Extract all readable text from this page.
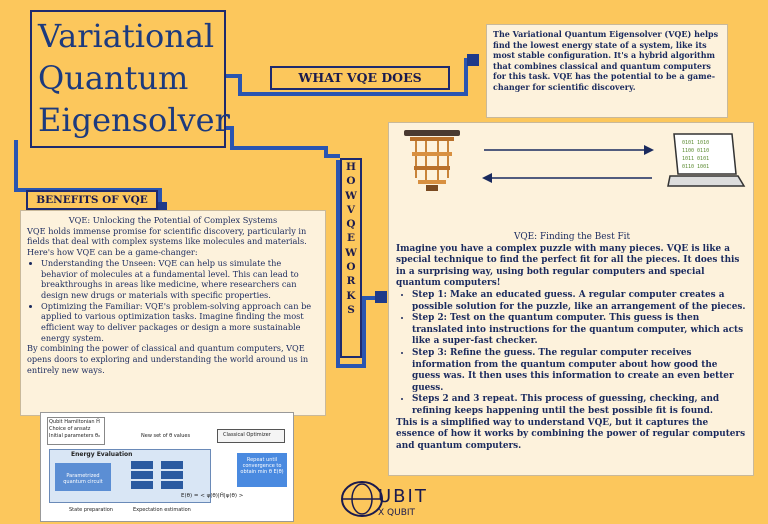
Variational
Quantum
Eigensolver
WHAT VQE DOES
The Variational Quantum Eigensolver (VQE) helps find the lowest energy state of a system, like its most stable configuration. It's a hybrid algorithm that combines classical and quantum computers for this task. VQE has the potential to be a game-changer for scientific discovery.
BENEFITS OF VQE
VQE: Unlocking the Potential of Complex Systems
VQE holds immense promise for scientific discovery, particularly in fields that deal with complex systems like molecules and materials. Here's how VQE can be a game-changer:
• Understanding the Unseen: VQE can help us simulate the behavior of molecules at a fundamental level. This can lead to breakthroughs in areas like medicine, where researchers can design new drugs or materials with specific properties.
• Optimizing the Familiar: VQE's problem-solving approach can be applied to various optimization tasks. Imagine finding the most efficient way to deliver packages or design a more sustainable energy system.
By combining the power of classical and quantum computers, VQE opens doors to exploring and understanding the world around us in entirely new ways.
H
O
W
V
Q
E
W
O
R
K
S
0101 1010
1100 0110
1011 0101
0110 1001
VQE: Finding the Best Fit
Imagine you have a complex puzzle with many pieces. VQE is like a special technique to find the perfect fit for all the pieces. It does this in a surprising way, using both regular computers and special quantum computers!
• Step 1: Make an educated guess. A regular computer creates a possible solution for the puzzle, like an arrangement of the pieces.
• Step 2: Test on the quantum computer. This guess is then translated into instructions for the quantum computer, which acts like a super-fast checker.
• Step 3: Refine the guess. The regular computer receives information from the quantum computer about how good the guess was. It then uses this information to create an even better guess.
• Steps 2 and 3 repeat. This process of guessing, checking, and refining keeps happening until the best possible fit is found.
This is a simplified way to understand VQE, but it captures the essence of how it works by combining the power of regular computers and quantum computers.
Qubit Hamiltonian Ĥ
Choice of ansatz
Initial parameters θ₀	New set of θ values	Classical Optimizer
Energy Evaluation
Parametrized quantum circuit
Repeat until convergence to obtain min θ E(θ)
E(θ) = < ψ(θ)|Ĥ|ψ(θ) >
State preparation	Expectation estimation
UBIT
X QUBIT
